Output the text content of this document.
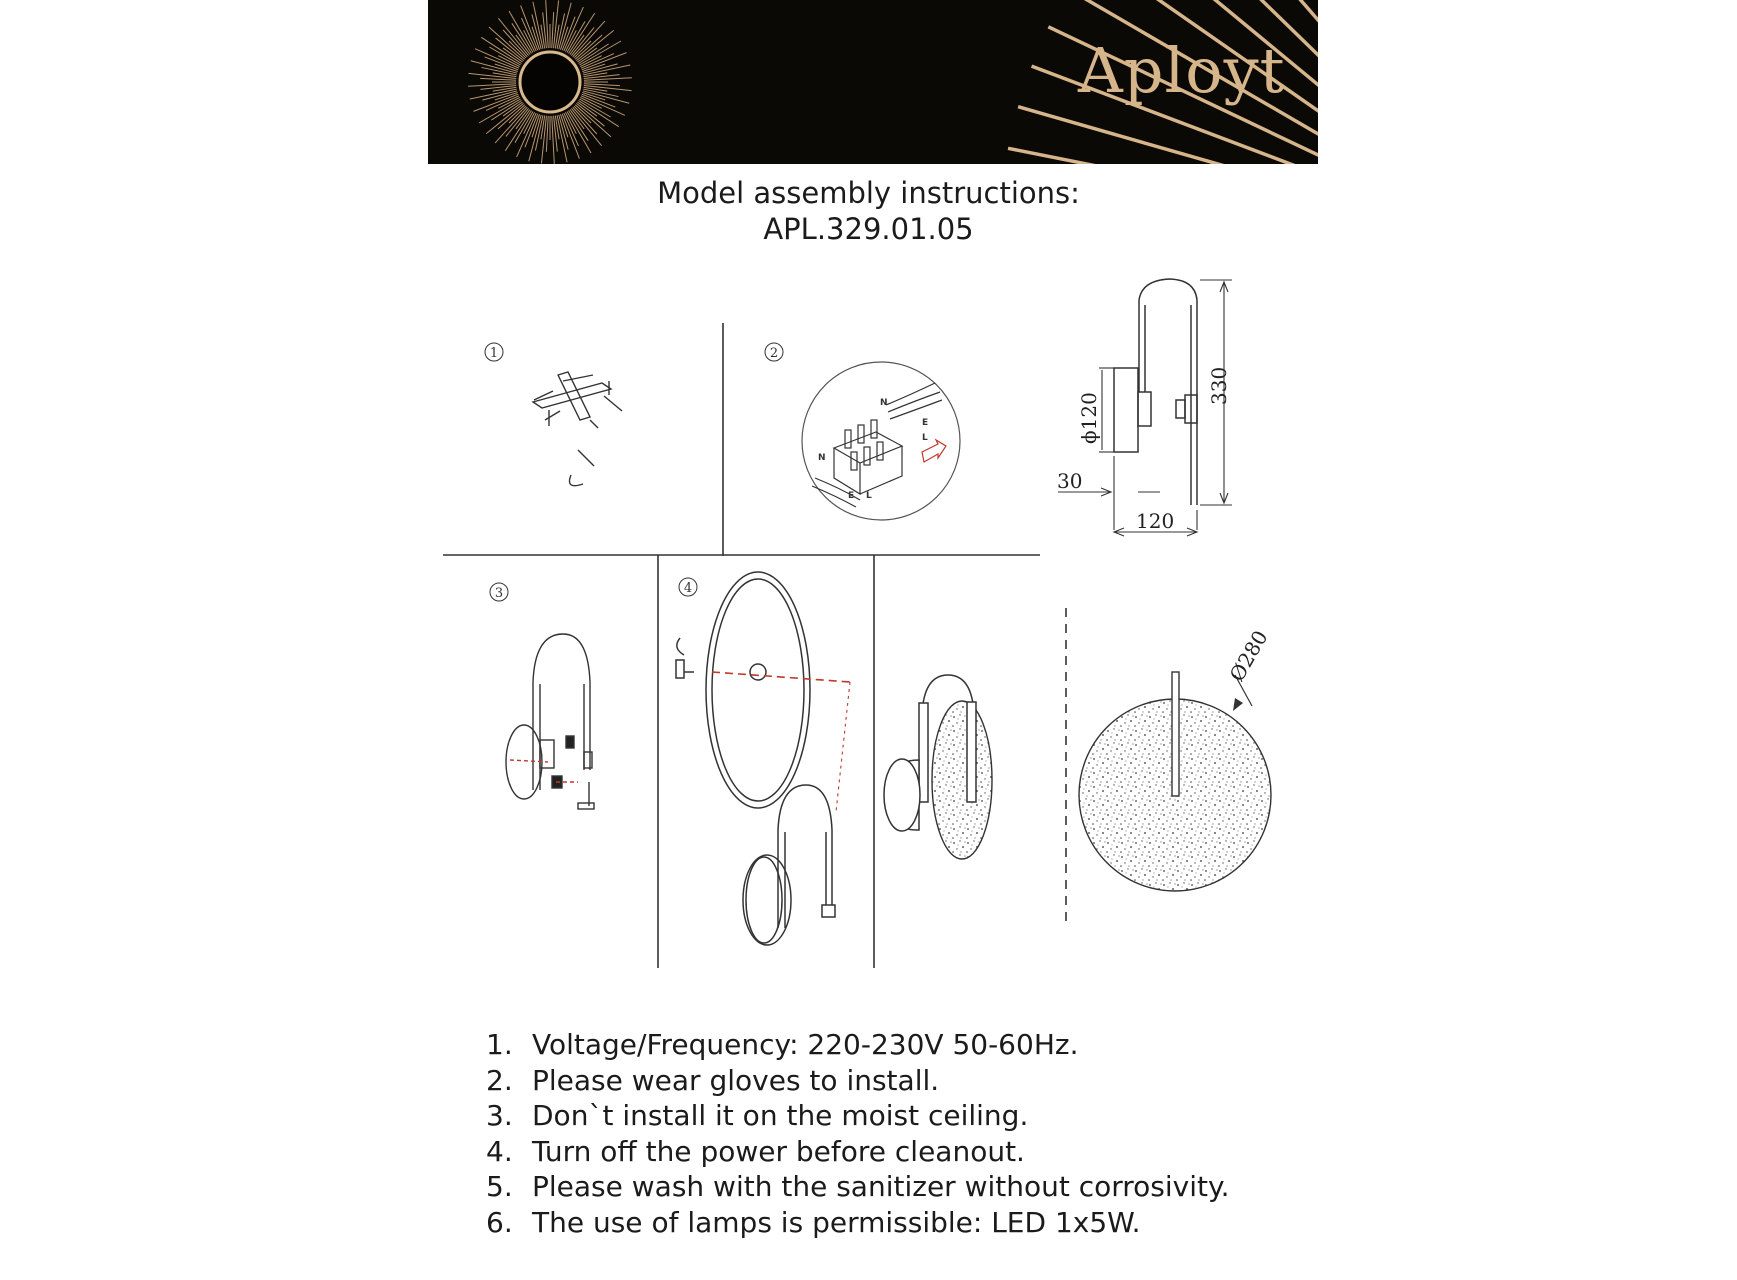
Aployt
Model assembly instructions:
APL.329.01.05
1	2
N
E
L
N
E L
330
ϕ120
30
120
3	4
Ø280
1. Voltage/Frequency: 220-230V 50-60Hz.
2. Please wear gloves to install.
3. Don`t install it on the moist ceiling.
4. Turn off the power before cleanout.
5. Please wash with the sanitizer without corrosivity.
6. The use of lamps is permissible: LED 1x5W.
